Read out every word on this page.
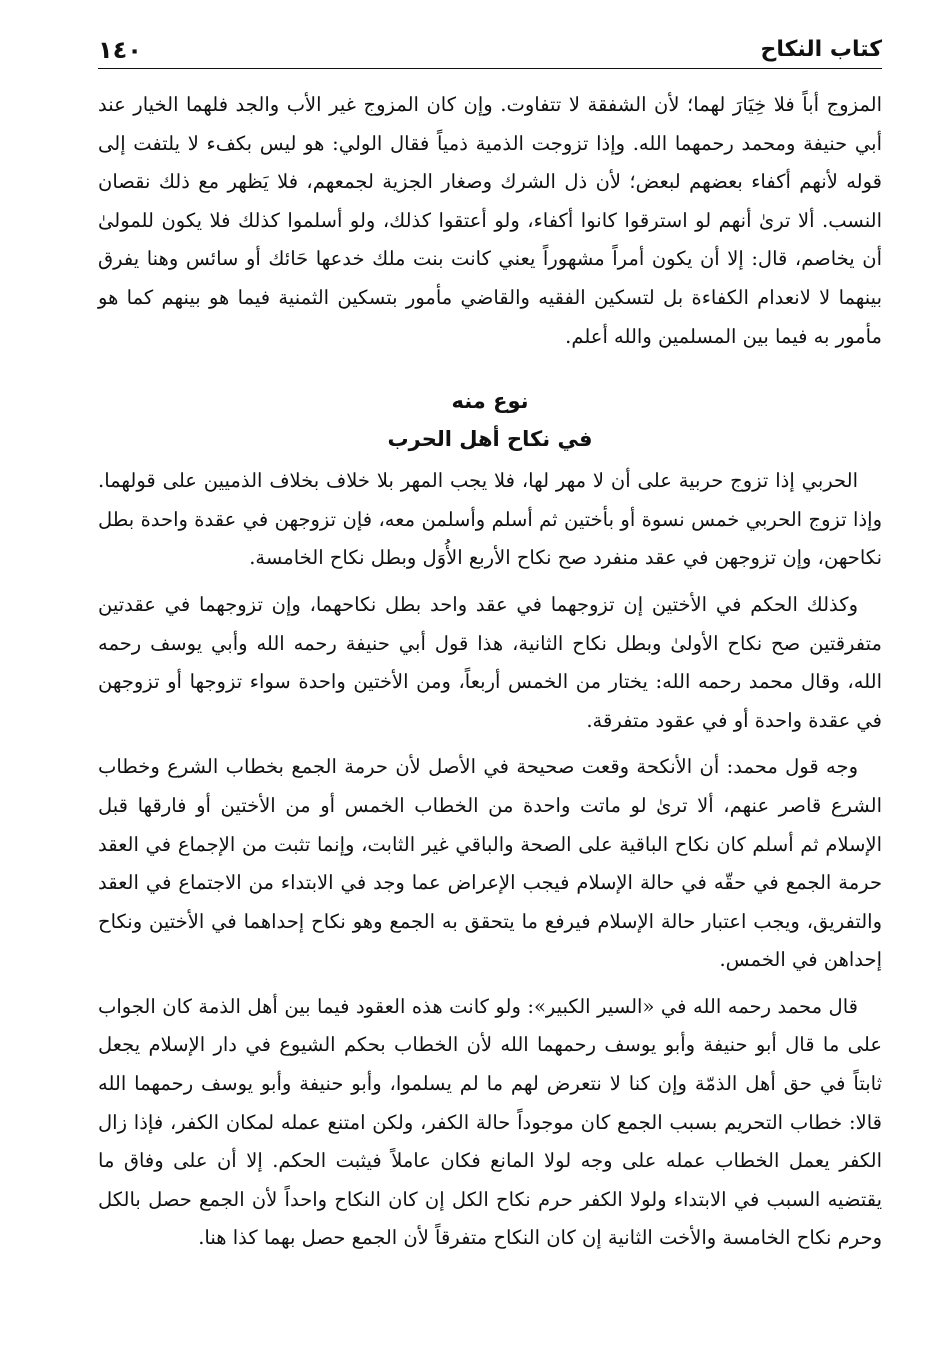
كتاب النكاح
١٤٠

المزوج أباً فلا خِيَارَ لهما؛ لأن الشفقة لا تتفاوت. وإن كان المزوج غير الأب والجد فلهما الخيار عند أبي حنيفة ومحمد رحمهما الله. وإذا تزوجت الذمية ذمياً فقال الولي: هو ليس بكفء لا يلتفت إلى قوله لأنهم أكفاء بعضهم لبعض؛ لأن ذل الشرك وصغار الجزية لجمعهم، فلا يَظهر مع ذلك نقصان النسب. ألا ترىٰ أنهم لو استرقوا كانوا أكفاء، ولو أعتقوا كذلك، ولو أسلموا كذلك فلا يكون للمولىٰ أن يخاصم، قال: إلا أن يكون أمراً مشهوراً يعني كانت بنت ملك خدعها حَائك أو سائس وهنا يفرق بينهما لا لانعدام الكفاءة بل لتسكين الفقيه والقاضي مأمور بتسكين الثمنية فيما هو بينهم كما هو مأمور به فيما بين المسلمين والله أعلم.

نوع منه
في نكاح أهل الحرب

الحربي إذا تزوج حربية على أن لا مهر لها، فلا يجب المهر بلا خلاف بخلاف الذميين على قولهما. وإذا تزوج الحربي خمس نسوة أو بأختين ثم أسلم وأسلمن معه، فإن تزوجهن في عقدة واحدة بطل نكاحهن، وإن تزوجهن في عقد منفرد صح نكاح الأربع الأُوَل وبطل نكاح الخامسة.

وكذلك الحكم في الأختين إن تزوجهما في عقد واحد بطل نكاحهما، وإن تزوجهما في عقدتين متفرقتين صح نكاح الأولىٰ وبطل نكاح الثانية، هذا قول أبي حنيفة رحمه الله وأبي يوسف رحمه الله، وقال محمد رحمه الله: يختار من الخمس أربعاً، ومن الأختين واحدة سواء تزوجها أو تزوجهن في عقدة واحدة أو في عقود متفرقة.

وجه قول محمد: أن الأنكحة وقعت صحيحة في الأصل لأن حرمة الجمع بخطاب الشرع وخطاب الشرع قاصر عنهم، ألا ترىٰ لو ماتت واحدة من الخطاب الخمس أو من الأختين أو فارقها قبل الإسلام ثم أسلم كان نكاح الباقية على الصحة والباقي غير الثابت، وإنما تثبت من الإجماع في العقد حرمة الجمع في حقّه في حالة الإسلام فيجب الإعراض عما وجد في الابتداء من الاجتماع في العقد والتفريق، ويجب اعتبار حالة الإسلام فيرفع ما يتحقق به الجمع وهو نكاح إحداهما في الأختين ونكاح إحداهن في الخمس.

قال محمد رحمه الله في «السير الكبير»: ولو كانت هذه العقود فيما بين أهل الذمة كان الجواب على ما قال أبو حنيفة وأبو يوسف رحمهما الله لأن الخطاب بحكم الشيوع في دار الإسلام يجعل ثابتاً في حق أهل الذمّة وإن كنا لا نتعرض لهم ما لم يسلموا، وأبو حنيفة وأبو يوسف رحمهما الله قالا: خطاب التحريم بسبب الجمع كان موجوداً حالة الكفر، ولكن امتنع عمله لمكان الكفر، فإذا زال الكفر يعمل الخطاب عمله على وجه لولا المانع فكان عاملاً فيثبت الحكم. إلا أن على وفاق ما يقتضيه السبب في الابتداء ولولا الكفر حرم نكاح الكل إن كان النكاح واحداً لأن الجمع حصل بالكل وحرم نكاح الخامسة والأخت الثانية إن كان النكاح متفرقاً لأن الجمع حصل بهما كذا هنا.
